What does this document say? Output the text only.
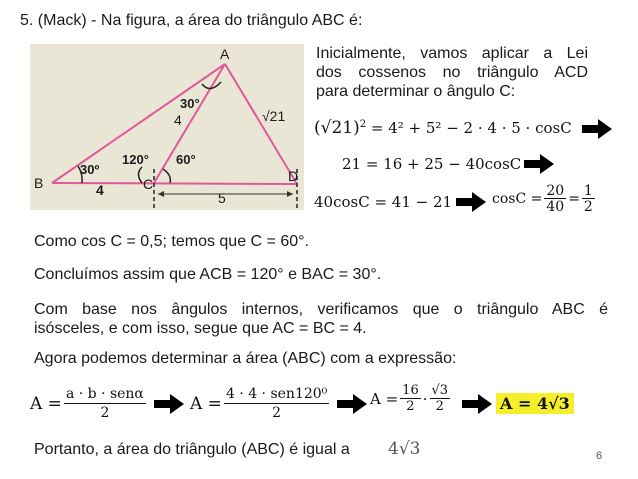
5. (Mack) - Na figura, a área do triângulo ABC é:
A
B	C	D
4	√21
4	5
30°
30º
120° 60°
Inicialmente, vamos aplicar a Lei
dos cossenos no triângulo ACD
para determinar o ângulo C:
$(√21)^2 = 4^2 + 5^2 - 2 \cdot 4 \cdot 5 \cdot \cos C$
21 = 16 + 25 − 40cosC
40cosC = 41 − 21	$\cos C = \frac{20}{40} = \frac{1}{2}$
Como cos C = 0,5; temos que C = 60°.
Concluímos assim que ACB = 120° e BAC = 30°.
Com base nos ângulos internos, verificamos que o triângulo ABC é
isósceles, e com isso, segue que AC = BC = 4.
Agora podemos determinar a área (ABC) com a expressão:
$A = \frac{\text{a · b · senα}}{2}$	$A = \frac{\text{4 · 4 · sen120⁰}}{2}$	$A = \frac{16}{2} \cdot \frac{√3}{2}$	A = 4√3
Portanto, a área do triângulo (ABC) é igual a 4√3	6
